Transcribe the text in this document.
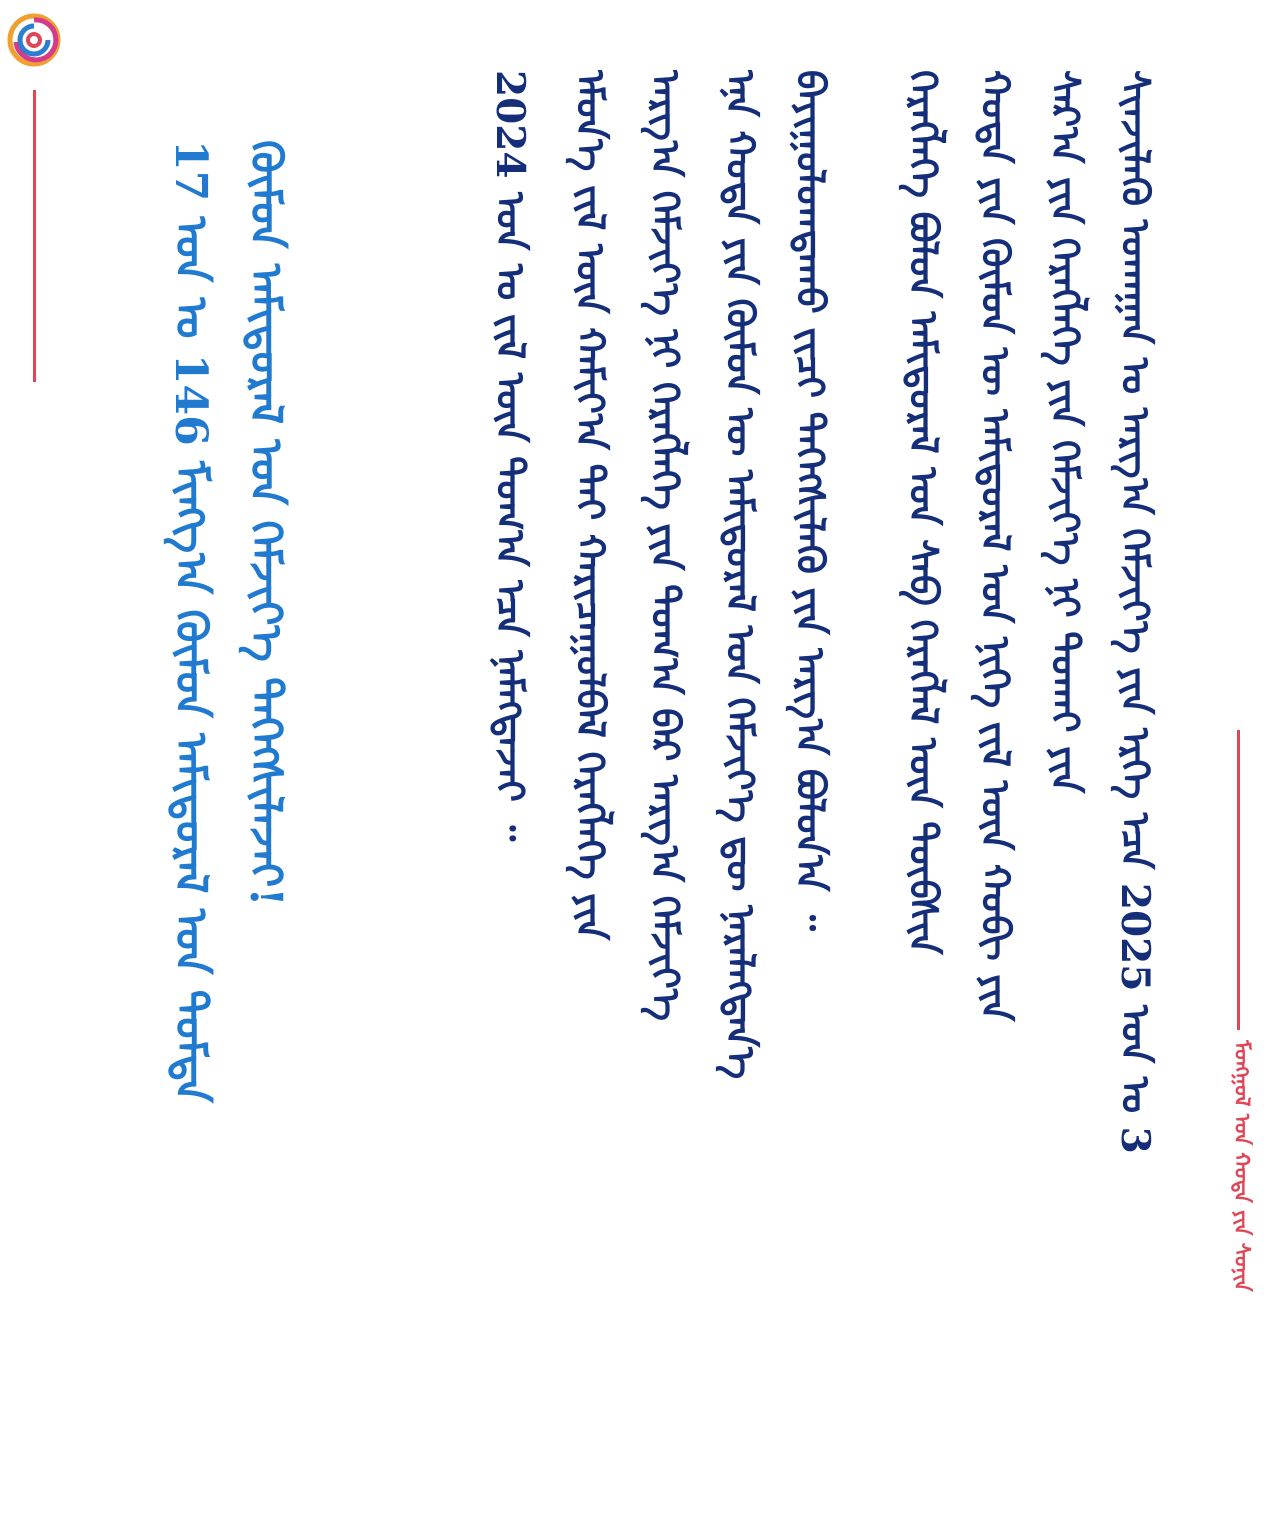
ᠮᠣᠩᠭᠣᠯ ᠤᠨ ᠬᠣᠲᠠ ᠶᠢᠨ ᠰᠣᠨᠢᠨ
ᠰᠢᠨᠵᠢᠯᠡᠬᠦ ᠤᠬᠠᠭᠠᠨ ᠤ ᠠᠷᠭ᠎ᠠ ᠬᠡᠮᠵᠢᠶ᠎ᠡ ᠶᠢᠨ ᠡᠷᠭᠡ ᠡᠴᠡ 2025 ᠣᠨ ᠤ 3
ᠰᠠᠷ᠎ᠠ ᠶᠢᠨ ᠬᠡᠷᠡᠭᠯᠡᠭᠡ ᠶᠢᠨ ᠬᠡᠮᠵᠢᠶ᠎ᠡ ᠨᠢ ᠲᠤᠬᠠᠢ ᠶᠢᠨ
ᠬᠤᠲᠠ ᠶᠢᠨ ᠬᠦᠮᠦᠨ ᠦ ᠠᠮᠢᠳᠤᠷᠠᠯ ᠤᠨ ᠨᠢᠭᠡ ᠵᠢᠯ ᠦᠨ ᠬᠤᠪᠢ ᠶᠢᠨ
ᠬᠡᠷᠡᠭᠯᠡᠭᠡ ᠪᠤᠯᠤᠨ ᠠᠮᠢᠳᠤᠷᠠᠯ ᠤᠨ ᠰᠠᠪ ᠬᠡᠷᠡᠭᠯᠡᠯ ᠦᠨ ᠲᠦᠪᠰᠢᠨ
ᠪᠠᠶᠢᠭᠤᠯᠤᠭᠳᠠᠬᠤ ᠵᠢᠴᠢ ᠳᠡᠭᠡᠭᠰᠢᠯᠡᠬᠦ ᠶᠢᠨ ᠠᠷᠭ᠎ᠠ ᠪᠣᠯᠤᠨ᠎ᠠ ᠃
ᠡᠨᠡ ᠬᠤᠲᠠ ᠶᠢᠨ ᠬᠦᠮᠦᠨ ᠦ ᠠᠮᠢᠳᠤᠷᠠᠯ ᠤᠨ ᠬᠡᠮᠵᠢᠶ᠎ᠡ ᠳᠦ ᠨᠡᠷᠡᠯᠡᠭᠳᠡᠨ᠎ᠡ
ᠠᠷᠭ᠎ᠠ ᠬᠡᠮᠵᠢᠶ᠎ᠡ ᠨᠢ ᠬᠡᠷᠡᠭᠯᠡᠭᠡ ᠶᠢᠨ ᠲᠣᠭ᠎ᠠ ᠪᠠᠷ ᠠᠷᠭ᠎ᠠ ᠬᠡᠮᠵᠢᠶ᠎ᠡ
ᠡᠮᠦᠨ᠎ᠡ ᠵᠢᠯ ᠦᠨ ᠬᠠᠮᠢᠶ᠎ᠠ ᠲᠠᠢ ᠬᠠᠷᠢᠴᠠᠭᠤᠯᠪᠠᠯ ᠬᠡᠷᠡᠭᠯᠡᠭᠡ ᠶᠢᠨ
2024 ᠣᠨ ᠤ ᠵᠢᠯ ᠦᠨ ᠲᠣᠭ᠎ᠠ ᠡᠴᠡ ᠨᠡᠮᠡᠭᠳᠡᠵᠡᠢ ᠃
ᠬᠦᠮᠦᠨ ᠠᠮᠢᠳᠤᠷᠠᠯ ᠤᠨ ᠬᠡᠮᠵᠢᠶ᠎ᠡ ᠳᠡᠭᠡᠭᠰᠢᠯᠡᠵᠡᠢ!
17 ᠣᠨ ᠤ 146 ᠮᠢᠩᠭ᠎ᠠ ᠬᠦᠮᠦᠨ ᠠᠮᠢᠳᠤᠷᠠᠯ ᠤᠨ ᠳᠤᠮᠳᠠ
